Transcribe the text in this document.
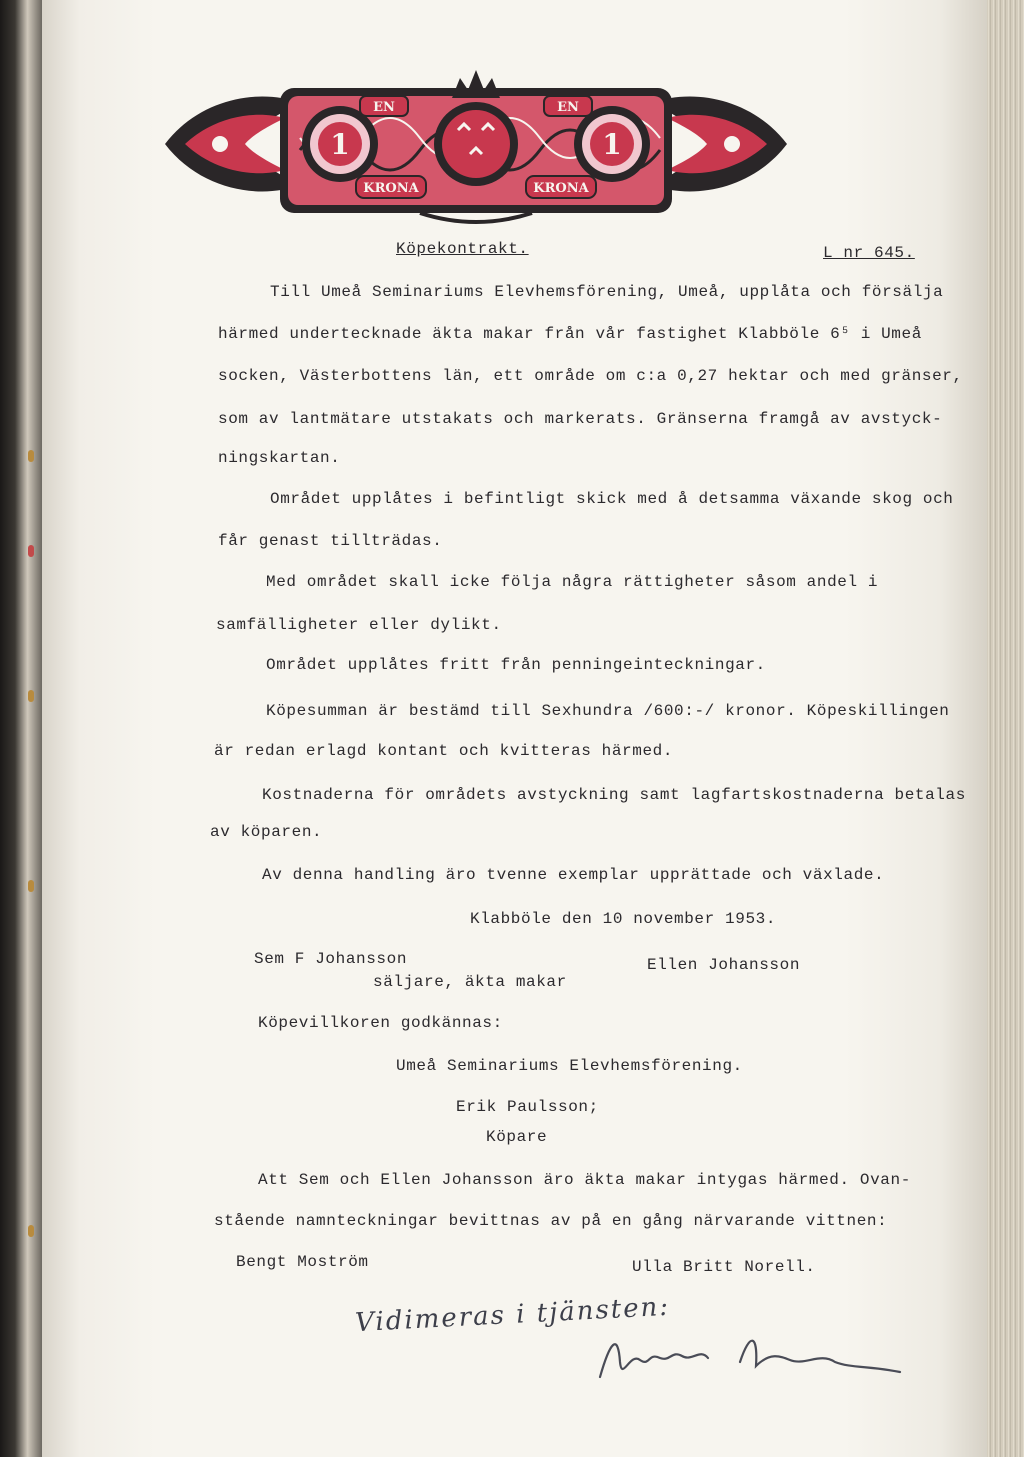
1	1
EN	EN
KRONA	KRONA
Köpekontrakt.	L nr 645.
Till Umeå Seminariums Elevhemsförening, Umeå, upplåta och försälja
härmed undertecknade äkta makar från vår fastighet Klabböle 6⁵ i Umeå
socken, Västerbottens län, ett område om c:a 0,27 hektar och med gränser,
som av lantmätare utstakats och markerats. Gränserna framgå av avstyck-
ningskartan.
Området upplåtes i befintligt skick med å detsamma växande skog och
får genast tillträdas.
Med området skall icke följa några rättigheter såsom andel i
samfälligheter eller dylikt.
Området upplåtes fritt från penningeinteckningar.
Köpesumman är bestämd till Sexhundra /600:-/ kronor. Köpeskillingen
är redan erlagd kontant och kvitteras härmed.
Kostnaderna för områdets avstyckning samt lagfartskostnaderna betalas
av köparen.
Av denna handling äro tvenne exemplar upprättade och växlade.
Klabböle den 10 november 1953.
Sem F Johansson	Ellen Johansson
säljare, äkta makar
Köpevillkoren godkännas:
Umeå Seminariums Elevhemsförening.
Erik Paulsson;
Köpare
Att Sem och Ellen Johansson äro äkta makar intygas härmed. Ovan-
stående namnteckningar bevittnas av på en gång närvarande vittnen:
Bengt Moström	Ulla Britt Norell.
Vidimeras i tjänsten:
